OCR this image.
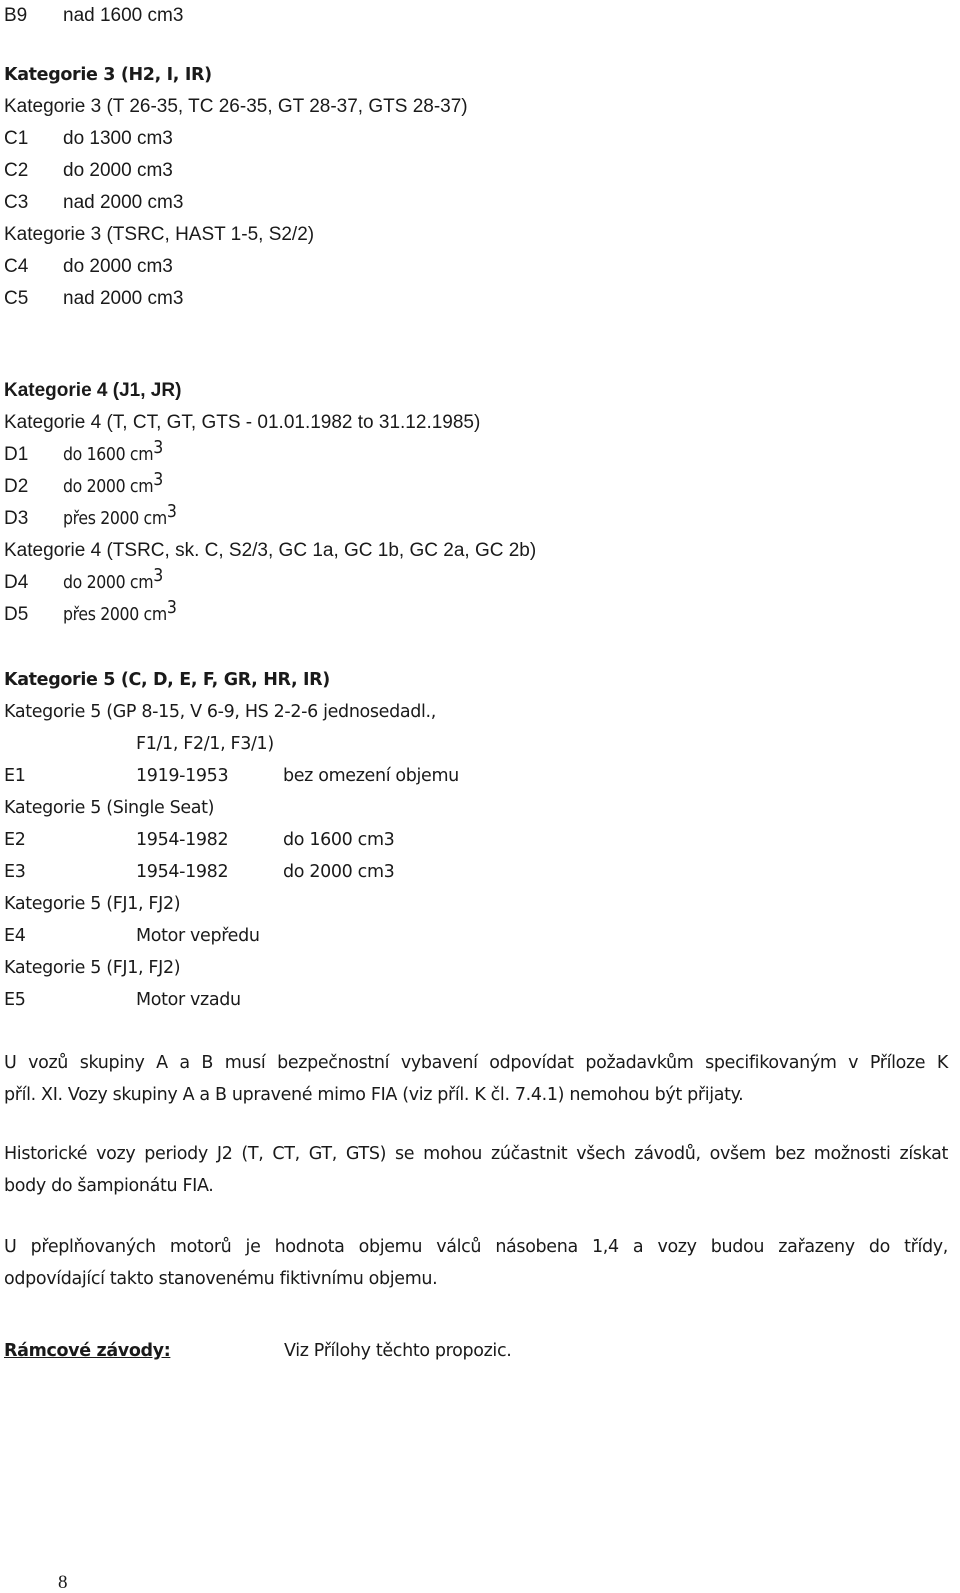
B9 nad 1600 cm3
Kategorie 3 (H2, I, IR)
Kategorie 3 (T 26-35, TC 26-35, GT 28-37, GTS 28-37)
C1 do 1300 cm3
C2 do 2000 cm3
C3 nad 2000 cm3
Kategorie 3 (TSRC, HAST 1-5, S2/2)
C4 do 2000 cm3
C5 nad 2000 cm3
Kategorie 4 (J1, JR)
Kategorie 4 (T, CT, GT, GTS - 01.01.1982 to 31.12.1985)
D1 do 1600 $cm^3$
D2 do 2000 $cm^3$
D3 přes 2000 $cm^3$
Kategorie 4 (TSRC, sk. C, S2/3, GC 1a, GC 1b, GC 2a, GC 2b)
D4 do 2000 $cm^3$
D5 přes 2000 $cm^3$
Kategorie 5 (C, D, E, F, GR, HR, IR)
Kategorie 5 (GP 8-15, V 6-9, HS 2-2-6 jednosedadl.,
F1/1, F2/1, F3/1)
E1	1919-1953	bez omezení objemu
Kategorie 5 (Single Seat)
E2	1954-1982	do 1600 cm3
E3	1954-1982	do 2000 cm3
Kategorie 5 (FJ1, FJ2)
E4	Motor vepředu
Kategorie 5 (FJ1, FJ2)
E5	Motor vzadu
U vozů skupiny A a B musí bezpečnostní vybavení odpovídat požadavkům specifikovaným v Příloze K
příl. XI. Vozy skupiny A a B upravené mimo FIA (viz příl. K čl. 7.4.1) nemohou být přijaty.
Historické vozy periody J2 (T, CT, GT, GTS) se mohou zúčastnit všech závodů, ovšem bez možnosti získat
body do šampionátu FIA.
U přeplňovaných motorů je hodnota objemu válců násobena 1,4 a vozy budou zařazeny do třídy,
odpovídající takto stanovenému fiktivnímu objemu.
Rámcové závody:	Viz Přílohy těchto propozic.
8
